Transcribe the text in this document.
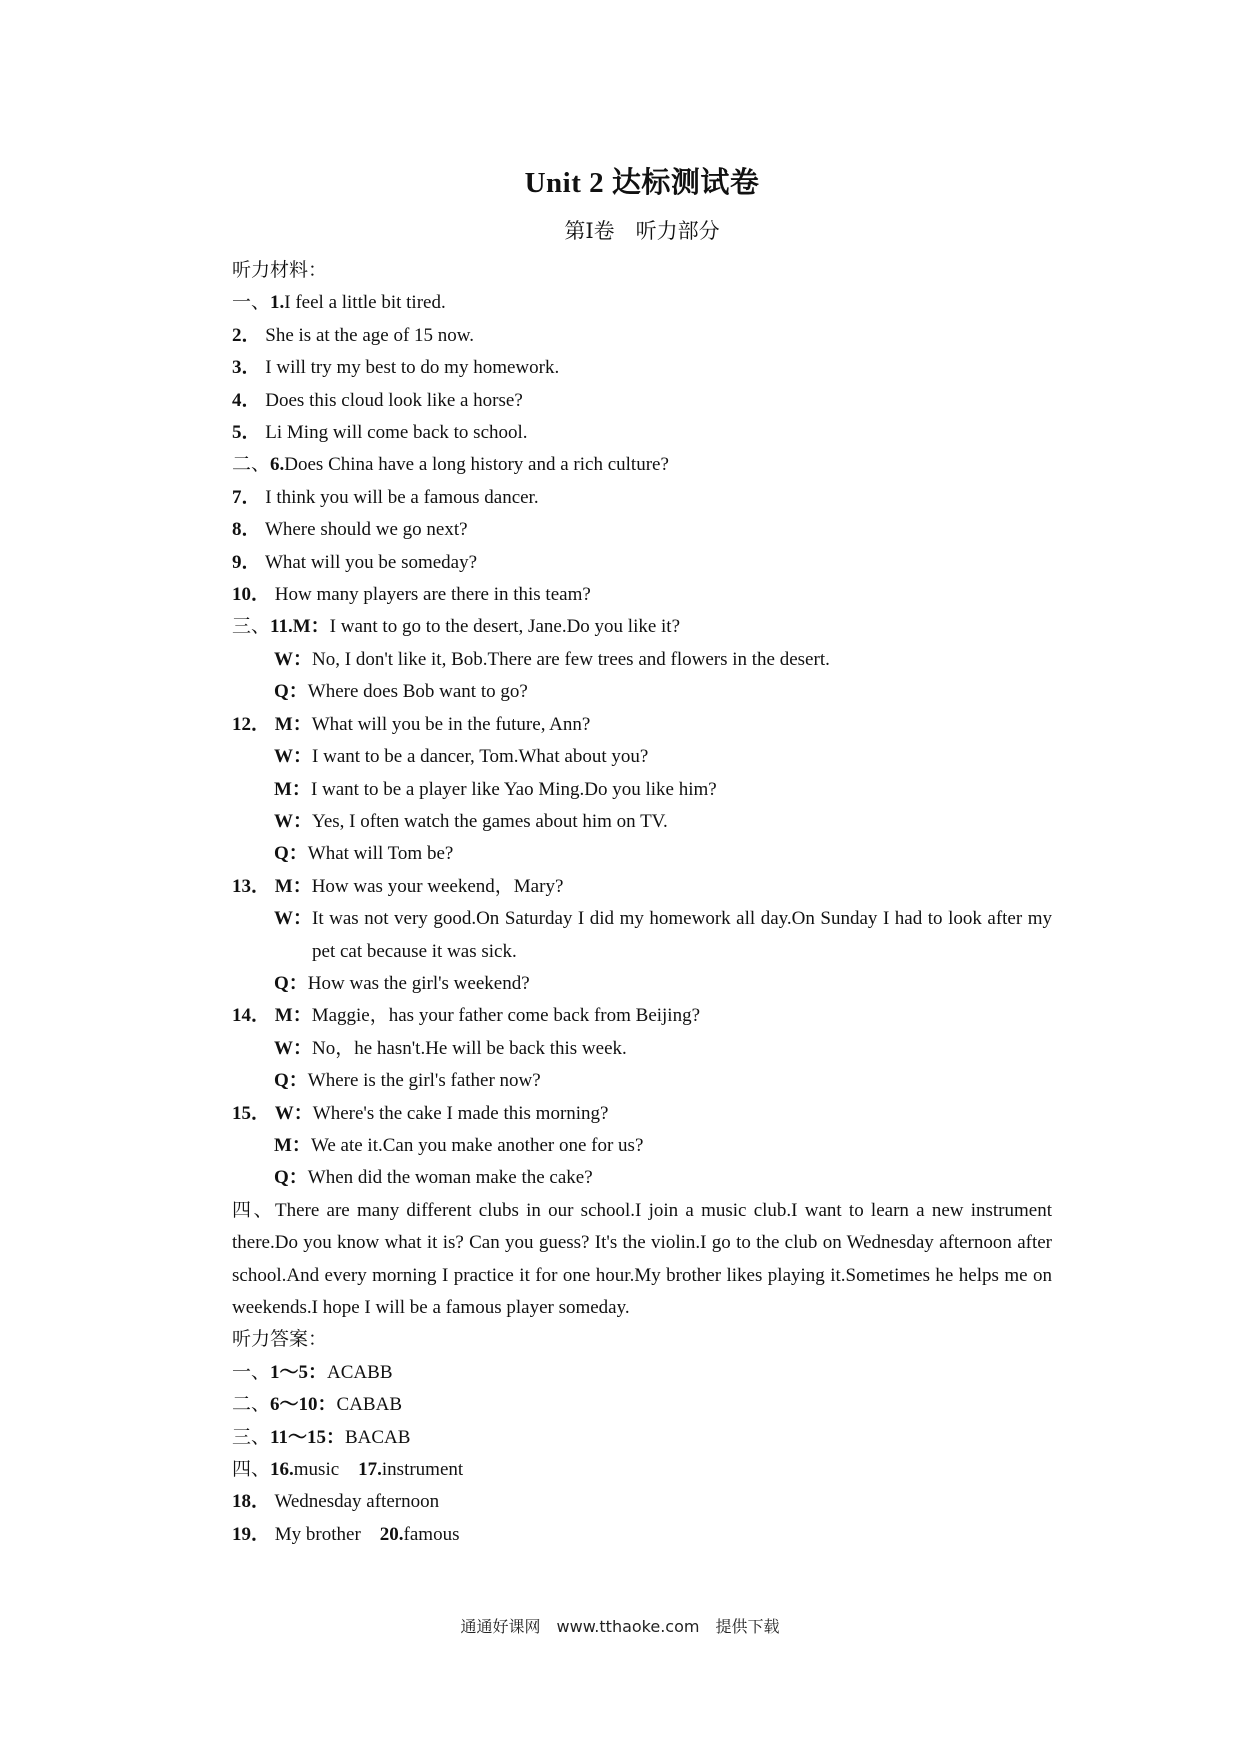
Unit 2 达标测试卷
第Ⅰ卷　听力部分
听力材料：
一、1.I feel a little bit tired.
2． She is at the age of 15 now.
3． I will try my best to do my homework.
4． Does this cloud look like a horse?
5． Li Ming will come back to school.
二、6.Does China have a long history and a rich culture?
7． I think you will be a famous dancer.
8． Where should we go next?
9． What will you be someday?
10． How many players are there in this team?
三、11.M：I want to go to the desert, Jane.Do you like it?
W：No, I don't like it, Bob.There are few trees and flowers in the desert.
Q：Where does Bob want to go?
12． M：What will you be in the future, Ann?
W：I want to be a dancer, Tom.What about you?
M：I want to be a player like Yao Ming.Do you like him?
W：Yes, I often watch the games about him on TV.
Q：What will Tom be?
13． M：How was your weekend，Mary?
W： It was not very good.On Saturday I did my homework all day.On Sunday I had to look after my pet cat because it was sick.
Q：How was the girl's weekend?
14． M：Maggie，has your father come back from Beijing?
W：No，he hasn't.He will be back this week.
Q：Where is the girl's father now?
15． W：Where's the cake I made this morning?
M：We ate it.Can you make another one for us?
Q：When did the woman make the cake?
四、There are many different clubs in our school.I join a music club.I want to learn a new instrument there.Do you know what it is? Can you guess? It's the violin.I go to the club on Wednesday afternoon after school.And every morning I practice it for one hour.My brother likes playing it.Sometimes he helps me on weekends.I hope I will be a famous player someday.
听力答案：
一、1～5：ACABB
二、6～10：CABAB
三、11～15：BACAB
四、16.music 17.instrument
18． Wednesday afternoon
19． My brother 20.famous
通通好课网　www.tthaoke.com　提供下载
